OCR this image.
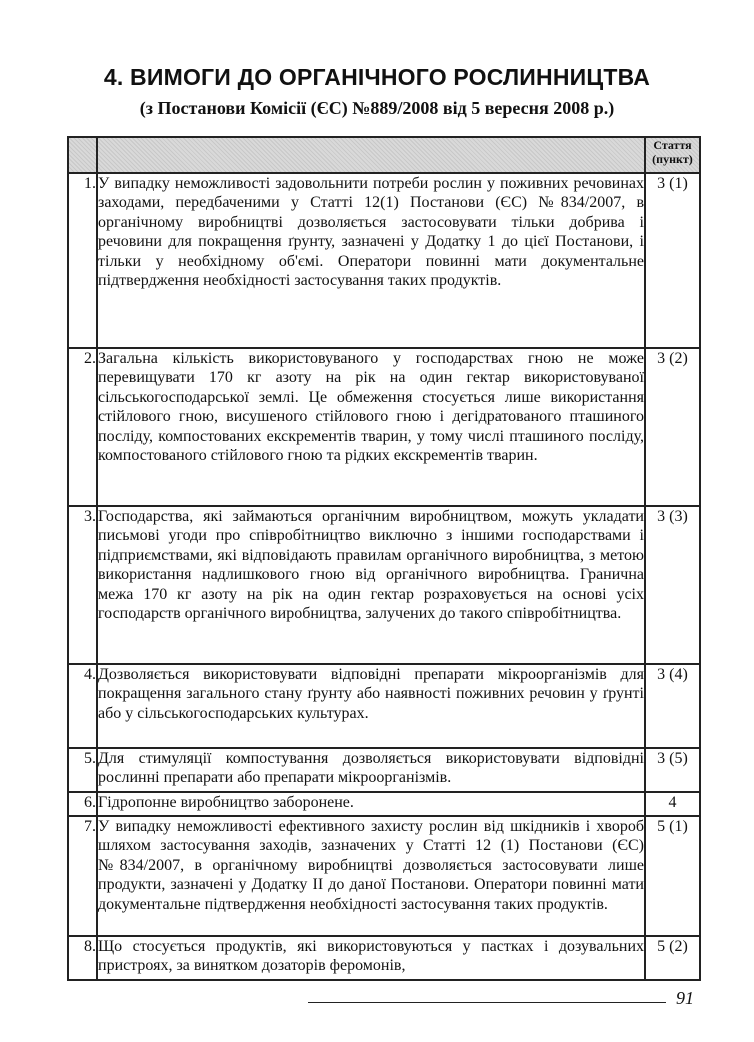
4. ВИМОГИ ДО ОРГАНІЧНОГО РОСЛИННИЦТВА
(з Постанови Комісії (ЄС) №889/2008 від 5 вересня 2008 р.)
		Стаття (пункт)
1.	У випадку неможливості задовольнити потреби рослин у поживних речовинах заходами, передбаченими у Статті 12(1) Постанови (ЄС) №834/2007, в органічному виробництві дозволяється застосовувати тільки добрива і речовини для покращення ґрунту, зазначені у Додатку 1 до цієї Постанови, і тільки у необхідному об'ємі. Оператори повинні мати документальне підтвердження необхідності застосування таких продуктів.	3 (1)
2.	Загальна кількість використовуваного у господарствах гною не може перевищувати 170 кг азоту на рік на один гектар використовуваної сільськогосподарської землі. Це обмеження стосується лише використання стійлового гною, висушеного стійлового гною і дегідратованого пташиного посліду, компостованих екскрементів тварин, у тому числі пташиного посліду, компостованого стійлового гною та рідких екскрементів тварин.	3 (2)
3.	Господарства, які займаються органічним виробництвом, можуть укладати письмові угоди про співробітництво виключно з іншими господарствами і підприємствами, які відповідають правилам органічного виробництва, з метою використання надлишкового гною від органічного виробництва. Гранична межа 170 кг азоту на рік на один гектар розраховується на основі усіх господарств органічного виробництва, залучених до такого співробітництва.	3 (3)
4.	Дозволяється використовувати відповідні препарати мікроорганізмів для покращення загального стану ґрунту або наявності поживних речовин у ґрунті або у сільськогосподарських культурах.	3 (4)
5.	Для стимуляції компостування дозволяється використовувати відповідні рослинні препарати або препарати мікроорганізмів.	3 (5)
6.	Гідропонне виробництво заборонене.	4
7.	У випадку неможливості ефективного захисту рослин від шкідників і хвороб шляхом застосування заходів, зазначених у Статті 12 (1) Постанови (ЄС) №834/2007, в органічному виробництві дозволяється застосовувати лише продукти, зазначені у Додатку II до даної Постанови. Оператори повинні мати документальне підтвердження необхідності застосування таких продуктів.	5 (1)
8.	Що стосується продуктів, які використовуються у пастках і дозувальних пристроях, за винятком дозаторів феромонів,	5 (2)
91
